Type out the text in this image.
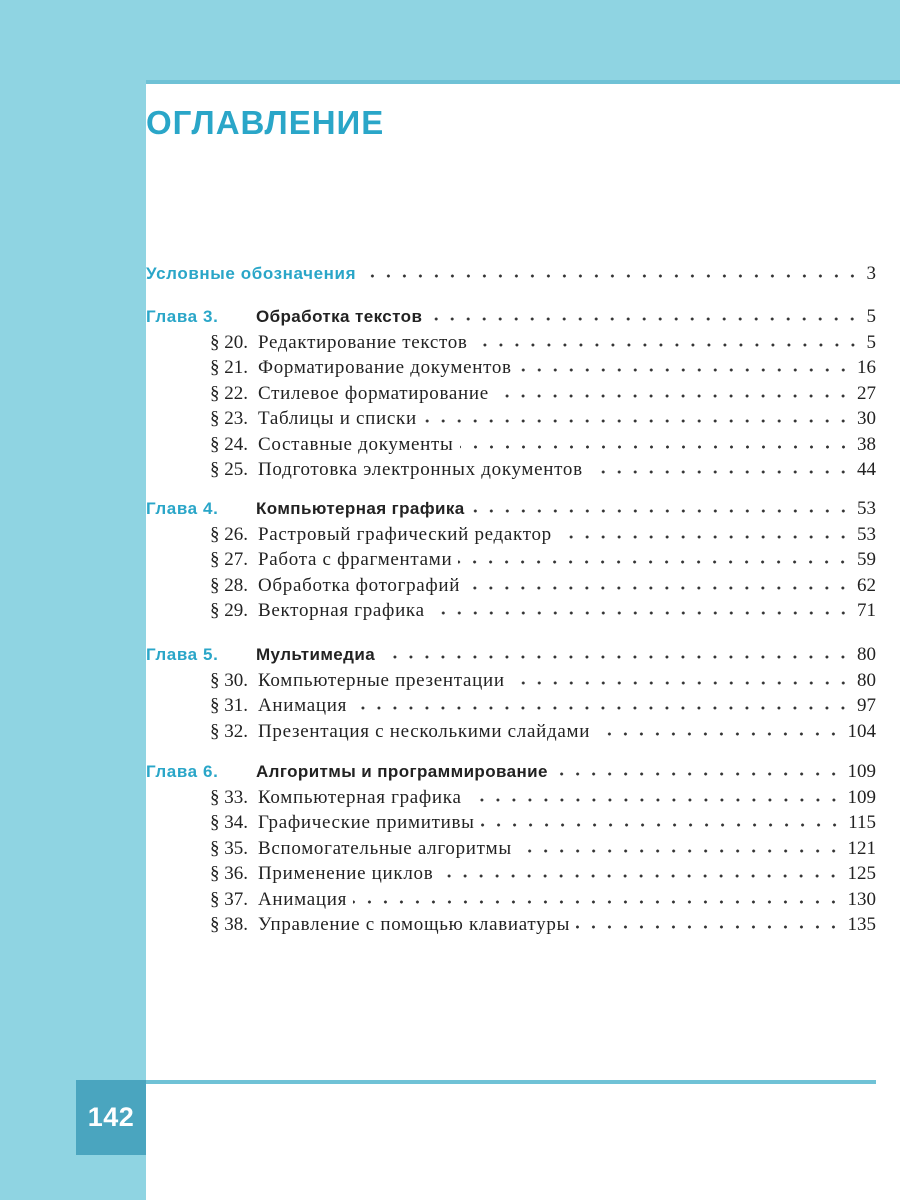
142
ОГЛАВЛЕНИЕ
Условные обозначения	3
Глава 3.	Обработка текстов	5
§ 20. Редактирование текстов	5
§ 21. Форматирование документов	16
§ 22. Стилевое форматирование	27
§ 23. Таблицы и списки	30
§ 24. Составные документы	38
§ 25. Подготовка электронных документов	44
Глава 4.	Компьютерная графика	53
§ 26. Растровый графический редактор	53
§ 27. Работа с фрагментами	59
§ 28. Обработка фотографий	62
§ 29. Векторная графика	71
Глава 5.	Мультимедиа	80
§ 30. Компьютерные презентации	80
§ 31. Анимация	97
§ 32. Презентация с несколькими слайдами	104
Глава 6.	Алгоритмы и программирование	109
§ 33. Компьютерная графика	109
§ 34. Графические примитивы	115
§ 35. Вспомогательные алгоритмы	121
§ 36. Применение циклов	125
§ 37. Анимация	130
§ 38. Управление с помощью клавиатуры	135
